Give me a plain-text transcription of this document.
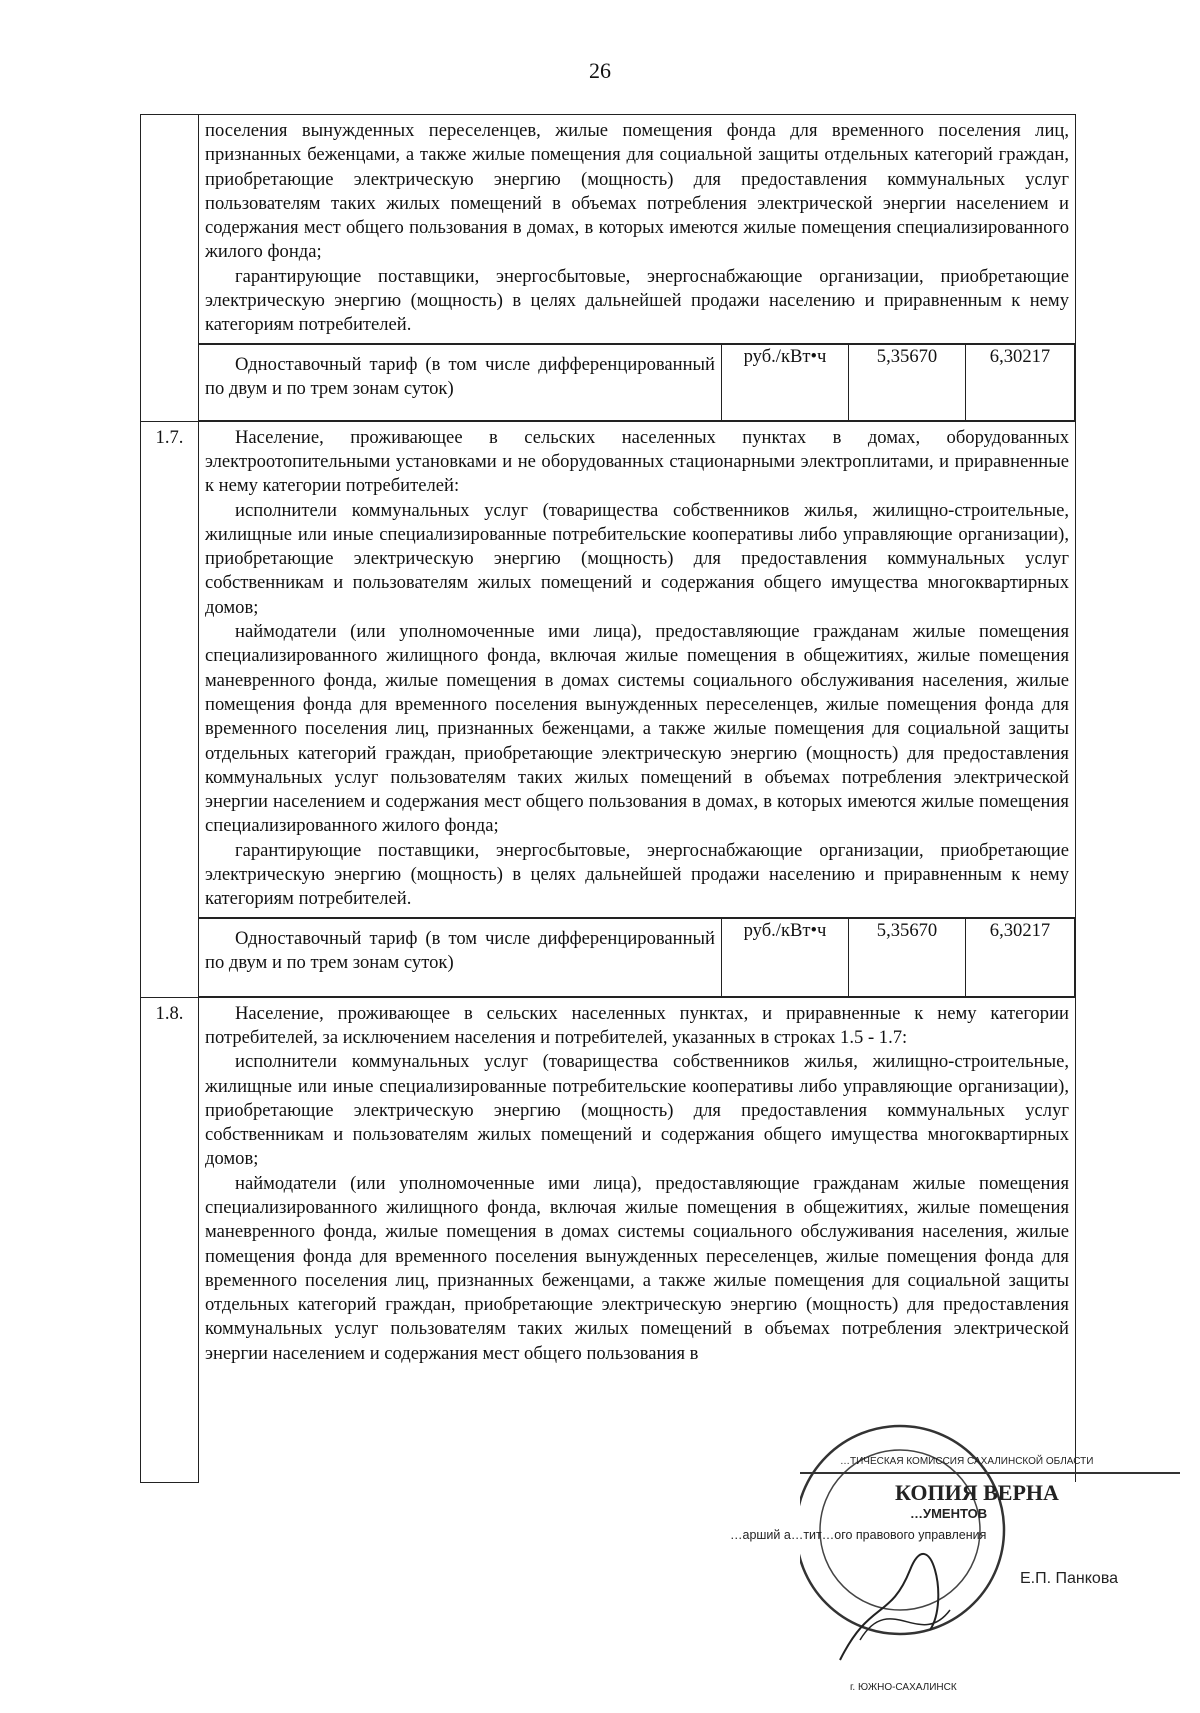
26

поселения вынужденных переселенцев, жилые помещения фонда для временного поселения лиц, признанных беженцами, а также жилые помещения для социальной защиты отдельных категорий граждан, приобретающие электрическую энергию (мощность) для предоставления коммунальных услуг пользователям таких жилых помещений в объемах потребления электрической энергии населением и содержания мест общего пользования в домах, в которых имеются жилые помещения специализированного жилого фонда;

гарантирующие поставщики, энергосбытовые, энергоснабжающие организации, приобретающие электрическую энергию (мощность) в целях дальнейшей продажи населению и приравненным к нему категориям потребителей.

Одноставочный тариф (в том числе дифференцированный по двум и по трем зонам суток)	руб./кВт•ч	5,35670	6,30217

1.7.	Население, проживающее в сельских населенных пунктах в домах, оборудованных электроотопительными установками и не оборудованных стационарными электроплитами, и приравненные к нему категории потребителей:

исполнители коммунальных услуг (товарищества собственников жилья, жилищно-строительные, жилищные или иные специализированные потребительские кооперативы либо управляющие организации), приобретающие электрическую энергию (мощность) для предоставления коммунальных услуг собственникам и пользователям жилых помещений и содержания общего имущества многоквартирных домов;

наймодатели (или уполномоченные ими лица), предоставляющие гражданам жилые помещения специализированного жилищного фонда, включая жилые помещения в общежитиях, жилые помещения маневренного фонда, жилые помещения в домах системы социального обслуживания населения, жилые помещения фонда для временного поселения вынужденных переселенцев, жилые помещения фонда для временного поселения лиц, признанных беженцами, а также жилые помещения для социальной защиты отдельных категорий граждан, приобретающие электрическую энергию (мощность) для предоставления коммунальных услуг пользователям таких жилых помещений в объемах потребления электрической энергии населением и содержания мест общего пользования в домах, в которых имеются жилые помещения специализированного жилого фонда;

гарантирующие поставщики, энергосбытовые, энергоснабжающие организации, приобретающие электрическую энергию (мощность) в целях дальнейшей продажи населению и приравненным к нему категориям потребителей.

Одноставочный тариф (в том числе дифференцированный по двум и по трем зонам суток)	руб./кВт•ч	5,35670	6,30217

1.8.	Население, проживающее в сельских населенных пунктах, и приравненные к нему категории потребителей, за исключением населения и потребителей, указанных в строках 1.5 - 1.7:

исполнители коммунальных услуг (товарищества собственников жилья, жилищно-строительные, жилищные или иные специализированные потребительские кооперативы либо управляющие организации), приобретающие электрическую энергию (мощность) для предоставления коммунальных услуг собственникам и пользователям жилых помещений и содержания общего имущества многоквартирных домов;

наймодатели (или уполномоченные ими лица), предоставляющие гражданам жилые помещения специализированного жилищного фонда, включая жилые помещения в общежитиях, жилые помещения маневренного фонда, жилые помещения в домах системы социального обслуживания населения, жилые помещения фонда для временного поселения вынужденных переселенцев, жилые помещения фонда для временного поселения лиц, признанных беженцами, а также жилые помещения для социальной защиты отдельных категорий граждан, приобретающие электрическую энергию (мощность) для предоставления коммунальных услуг пользователям таких жилых помещений в объемах потребления электрической энергии населением и содержания мест общего пользования в

…ТИЧЕСКАЯ КОМИССИЯ САХАЛИНСКОЙ ОБЛАСТИ
КОПИЯ ВЕРНА
…УМЕНТОВ
…арший а…тит…ого правового управления
Е.П. Панкова
г. ЮЖНО-САХАЛИНСК
